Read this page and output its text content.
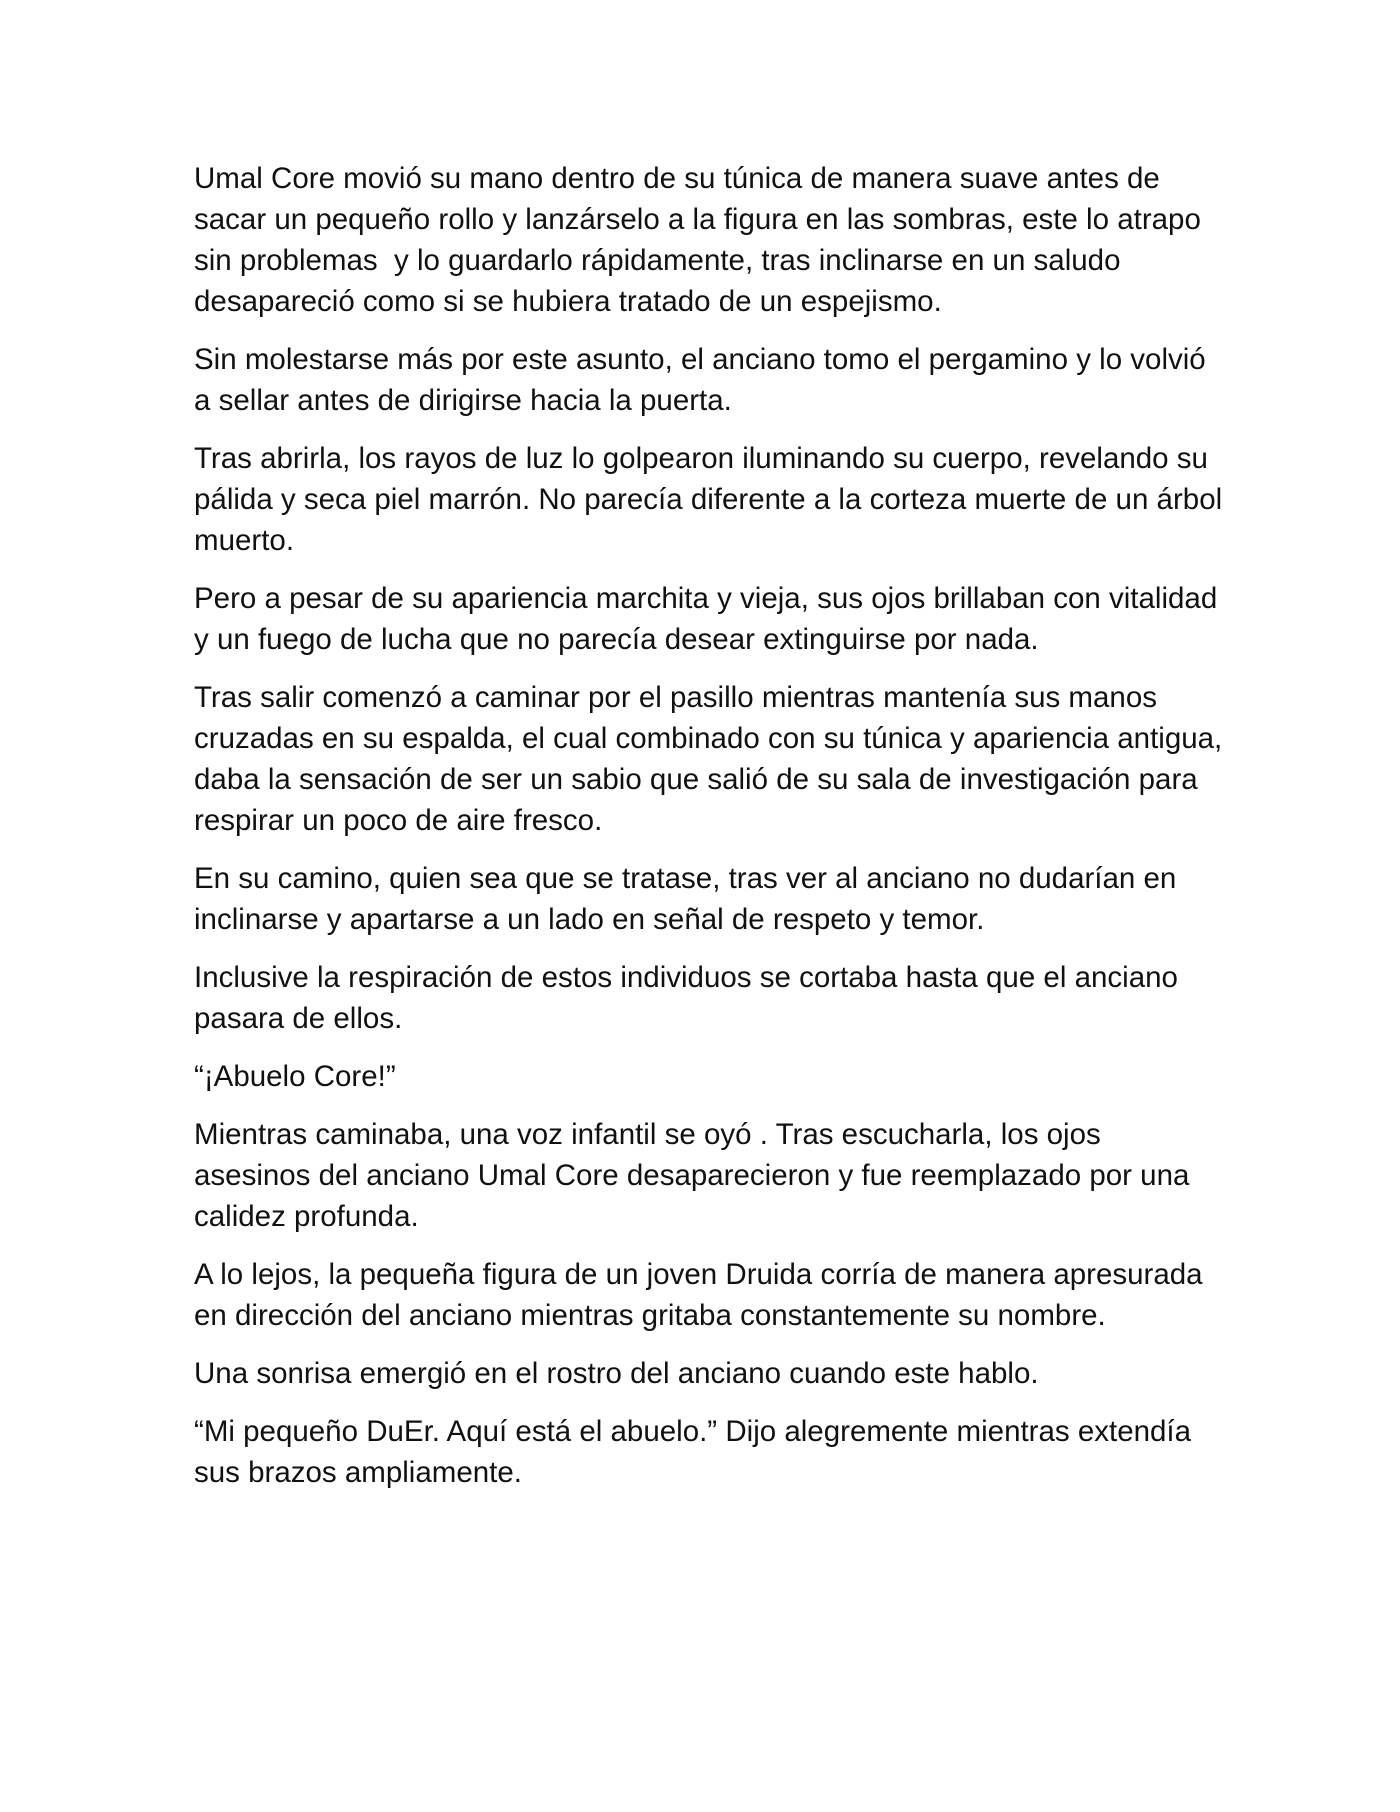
Umal Core movió su mano dentro de su túnica de manera suave antes de sacar un pequeño rollo y lanzárselo a la figura en las sombras, este lo atrapo sin problemas  y lo guardarlo rápidamente, tras inclinarse en un saludo desapareció como si se hubiera tratado de un espejismo.

Sin molestarse más por este asunto, el anciano tomo el pergamino y lo volvió a sellar antes de dirigirse hacia la puerta.

Tras abrirla, los rayos de luz lo golpearon iluminando su cuerpo, revelando su pálida y seca piel marrón. No parecía diferente a la corteza muerte de un árbol muerto.

Pero a pesar de su apariencia marchita y vieja, sus ojos brillaban con vitalidad y un fuego de lucha que no parecía desear extinguirse por nada.

Tras salir comenzó a caminar por el pasillo mientras mantenía sus manos cruzadas en su espalda, el cual combinado con su túnica y apariencia antigua, daba la sensación de ser un sabio que salió de su sala de investigación para respirar un poco de aire fresco.

En su camino, quien sea que se tratase, tras ver al anciano no dudarían en inclinarse y apartarse a un lado en señal de respeto y temor.

Inclusive la respiración de estos individuos se cortaba hasta que el anciano pasara de ellos.

“¡Abuelo Core!”

Mientras caminaba, una voz infantil se oyó . Tras escucharla, los ojos asesinos del anciano Umal Core desaparecieron y fue reemplazado por una calidez profunda.

A lo lejos, la pequeña figura de un joven Druida corría de manera apresurada en dirección del anciano mientras gritaba constantemente su nombre.

Una sonrisa emergió en el rostro del anciano cuando este hablo.

“Mi pequeño DuEr. Aquí está el abuelo.” Dijo alegremente mientras extendía sus brazos ampliamente.
